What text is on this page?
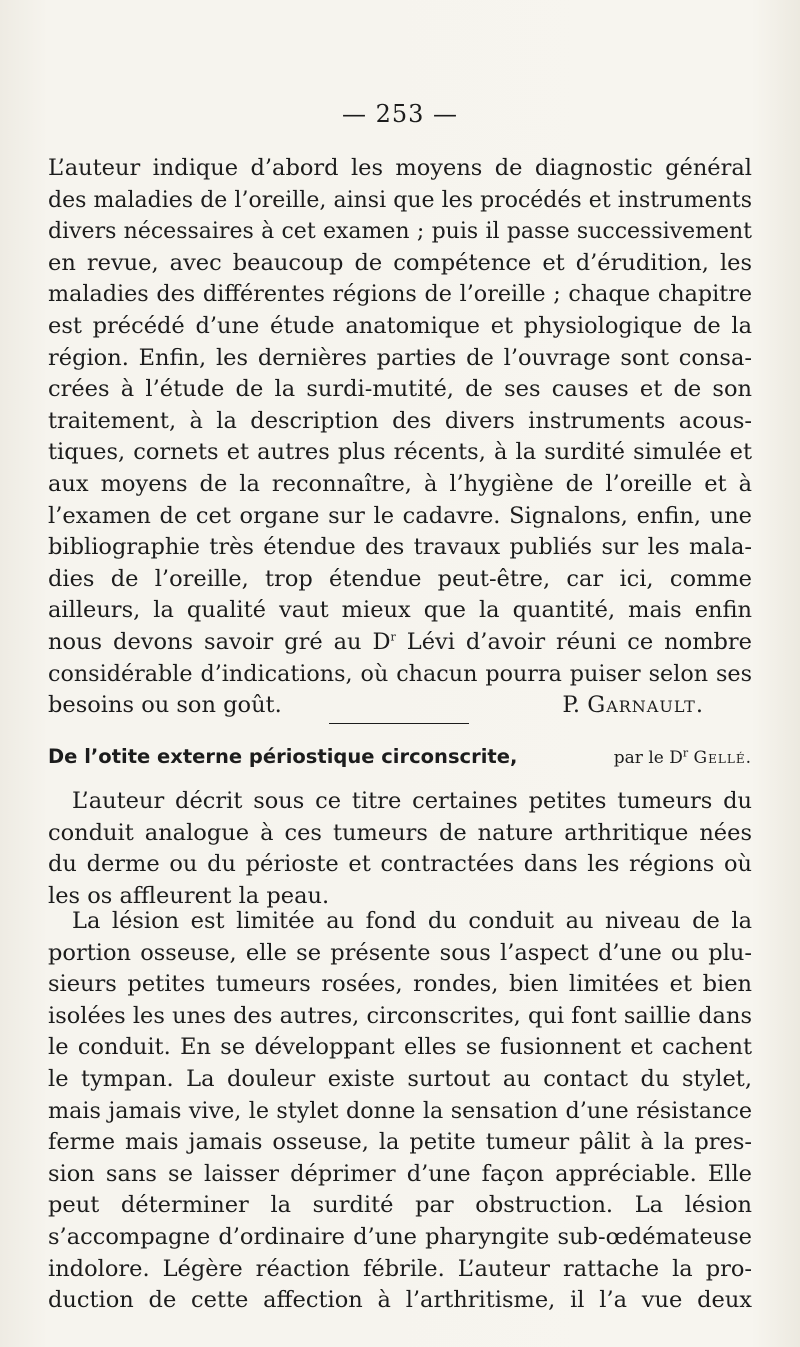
— 253 —
L’auteur indique d’abord les moyens de diagnostic général
des maladies de l’oreille, ainsi que les procédés et instruments
divers nécessaires à cet examen ; puis il passe successivement
en revue, avec beaucoup de compétence et d’érudition, les
maladies des différentes régions de l’oreille ; chaque chapitre
est précédé d’une étude anatomique et physiologique de la
région. Enfin, les dernières parties de l’ouvrage sont consa-
crées à l’étude de la surdi-mutité, de ses causes et de son
traitement, à la description des divers instruments acous-
tiques, cornets et autres plus récents, à la surdité simulée et
aux moyens de la reconnaître, à l’hygiène de l’oreille et à
l’examen de cet organe sur le cadavre. Signalons, enfin, une
bibliographie très étendue des travaux publiés sur les mala-
dies de l’oreille, trop étendue peut-être, car ici, comme
ailleurs, la qualité vaut mieux que la quantité, mais enfin
nous devons savoir gré au $D^r$ Lévi d’avoir réuni ce nombre
considérable d’indications, où chacun pourra puiser selon ses
besoins ou son goût.	P. Garnault.
De l’otite externe périostique circonscrite,	par le $D^r$ Gellé.
L’auteur décrit sous ce titre certaines petites tumeurs du
conduit analogue à ces tumeurs de nature arthritique nées
du derme ou du périoste et contractées dans les régions où
les os affleurent la peau.
La lésion est limitée au fond du conduit au niveau de la
portion osseuse, elle se présente sous l’aspect d’une ou plu-
sieurs petites tumeurs rosées, rondes, bien limitées et bien
isolées les unes des autres, circonscrites, qui font saillie dans
le conduit. En se développant elles se fusionnent et cachent
le tympan. La douleur existe surtout au contact du stylet,
mais jamais vive, le stylet donne la sensation d’une résistance
ferme mais jamais osseuse, la petite tumeur pâlit à la pres-
sion sans se laisser déprimer d’une façon appréciable. Elle
peut déterminer la surdité par obstruction. La lésion
s’accompagne d’ordinaire d’une pharyngite sub-œdémateuse
indolore. Légère réaction fébrile. L’auteur rattache la pro-
duction de cette affection à l’arthritisme, il l’a vue deux
